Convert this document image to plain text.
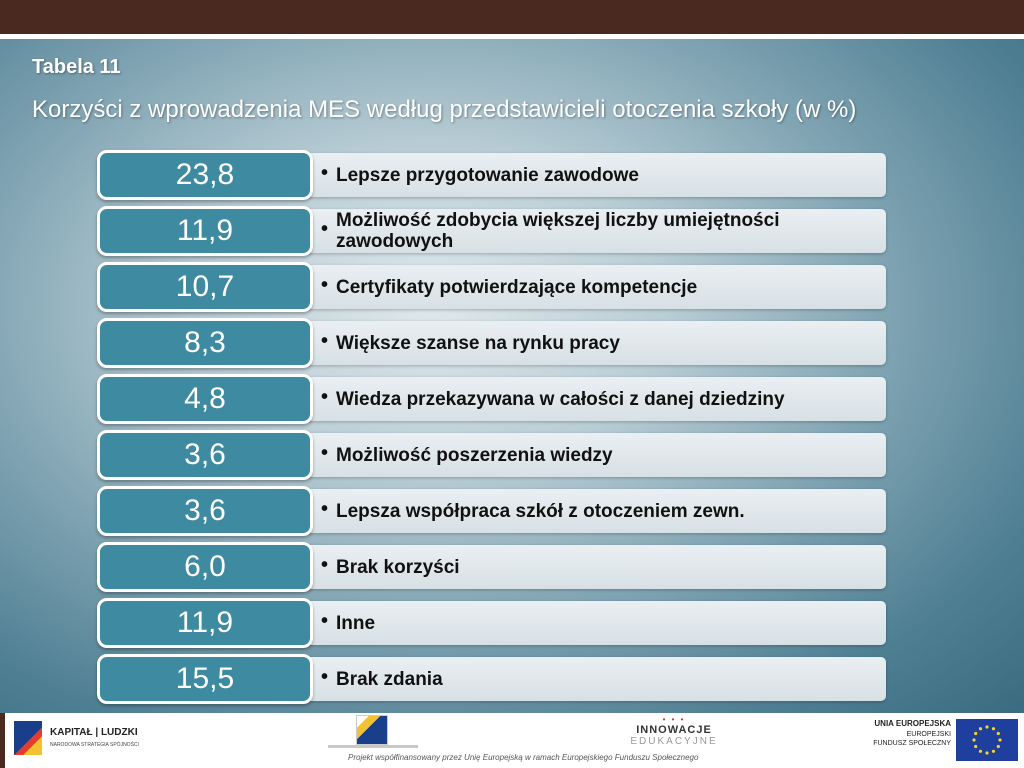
Tabela 11
Korzyści z wprowadzenia MES według przedstawicieli otoczenia szkoły (w %)
• Lepsze przygotowanie zawodowe
23,8
• Możliwość zdobycia większej liczby umiejętności zawodowych
11,9
• Certyfikaty potwierdzające kompetencje
10,7
• Większe szanse na rynku pracy
8,3
• Wiedza przekazywana w całości z danej dziedziny
4,8
• Możliwość poszerzenia wiedzy
3,6
• Lepsza współpraca szkół z otoczeniem zewn.
3,6
• Brak korzyści
6,0
• Inne
11,9
• Brak zdania
15,5
KAPITAŁ | LUDZKI
NARODOWA STRATEGIA SPÓJNOŚCI
Projekt współfinansowany przez Unię Europejską w ramach Europejskiego Funduszu Społecznego
• • •
INNOWACJE
EDUKACYJNE
UNIA EUROPEJSKA
EUROPEJSKI
FUNDUSZ SPOŁECZNY
